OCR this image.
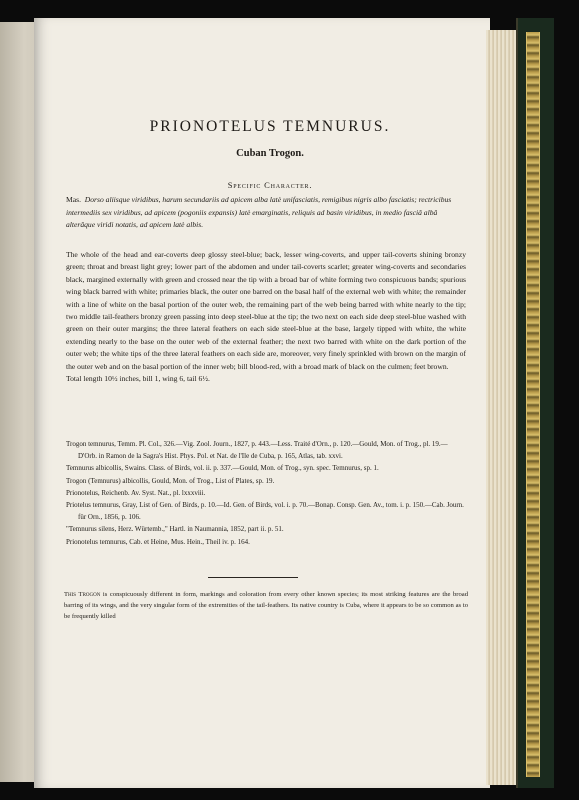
PRIONOTELUS TEMNURUS.
Cuban Trogon.
Specific Character.
Mas. Dorso aliisque viridibus, harum secundariis ad apicem alba latè unifasciatis, remigibus nigris albo fasciatis; rectricibus intermediis sex viridibus, ad apicem (pogoniis expansis) latè emarginatis, reliquis ad basin viridibus, in medio fasciâ albâ alterâque viridi notatis, ad apicem latè albis.
The whole of the head and ear-coverts deep glossy steel-blue; back, lesser wing-coverts, and upper tail-coverts shining bronzy green; throat and breast light grey; lower part of the abdomen and under tail-coverts scarlet; greater wing-coverts and secondaries black, margined externally with green and crossed near the tip with a broad bar of white forming two conspicuous bands; spurious wing black barred with white; primaries black, the outer one barred on the basal half of the external web with white; the remainder with a line of white on the basal portion of the outer web, the remaining part of the web being barred with white nearly to the tip; two middle tail-feathers bronzy green passing into deep steel-blue at the tip; the two next on each side deep steel-blue washed with green on their outer margins; the three lateral feathers on each side steel-blue at the base, largely tipped with white, the white extending nearly to the base on the outer web of the external feather; the next two barred with white on the dark portion of the outer web; the white tips of the three lateral feathers on each side are, moreover, very finely sprinkled with brown on the margin of the outer web and on the basal portion of the inner web; bill blood-red, with a broad mark of black on the culmen; feet brown.
Total length 10½ inches, bill 1, wing 6, tail 6½.

Trogon temnurus, Temm. Pl. Col., 326.—Vig. Zool. Journ., 1827, p. 443.—Less. Traité d'Orn., p. 120.—Gould, Mon. of Trog., pl. 19.—D'Orb. in Ramon de la Sagra's Hist. Phys. Pol. et Nat. de l'Ile de Cuba, p. 165, Atlas, tab. xxvi.

Temnurus albicollis, Swains. Class. of Birds, vol. ii. p. 337.—Gould, Mon. of Trog., syn. spec. Temnurus, sp. 1.

Trogon (Temnurus) albicollis, Gould, Mon. of Trog., List of Plates, sp. 19.

Prionotelus, Reichenb. Av. Syst. Nat., pl. lxxxviii.

Priotelus temnurus, Gray, List of Gen. of Birds, p. 10.—Id. Gen. of Birds, vol. i. p. 70.—Bonap. Consp. Gen. Av., tom. i. p. 150.—Cab. Journ. für Orn., 1856, p. 106.

"Temnurus silens, Herz. Würtemb.," Hartl. in Naumannia, 1852, part ii. p. 51.

Prionotelus temnurus, Cab. et Heine, Mus. Hein., Theil iv. p. 164.

This Trogon is conspicuously different in form, markings and coloration from every other known species; its most striking features are the broad barring of its wings, and the very singular form of the extremities of the tail-feathers. Its native country is Cuba, where it appears to be so common as to be frequently killed
